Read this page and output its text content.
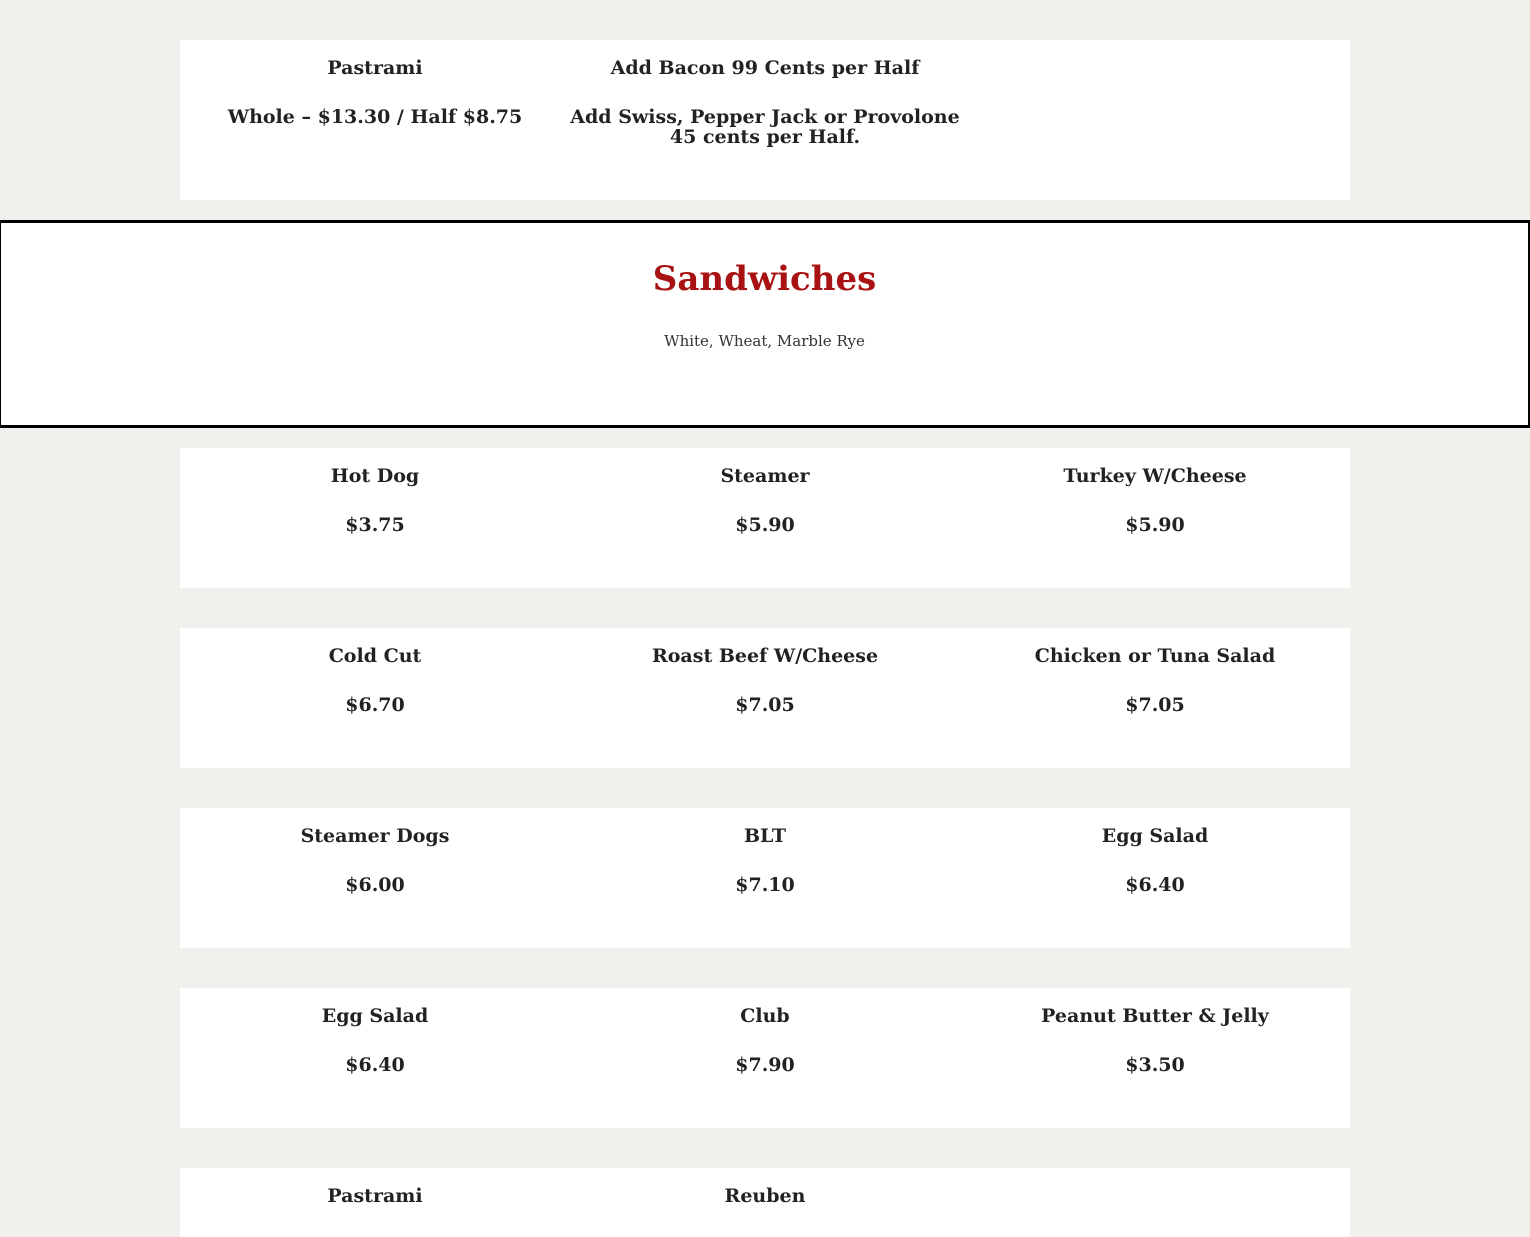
Pastrami
Whole – $13.30 / Half $8.75
Add Bacon 99 Cents per Half
Add Swiss, Pepper Jack or Provolone
45 cents per Half.
Sandwiches
White, Wheat, Marble Rye
Hot Dog
$3.75
Steamer
$5.90
Turkey W/Cheese
$5.90
Cold Cut
$6.70
Roast Beef W/Cheese
$7.05
Chicken or Tuna Salad
$7.05
Steamer Dogs
$6.00
BLT
$7.10
Egg Salad
$6.40
Egg Salad
$6.40
Club
$7.90
Peanut Butter & Jelly
$3.50
Pastrami	Reuben
